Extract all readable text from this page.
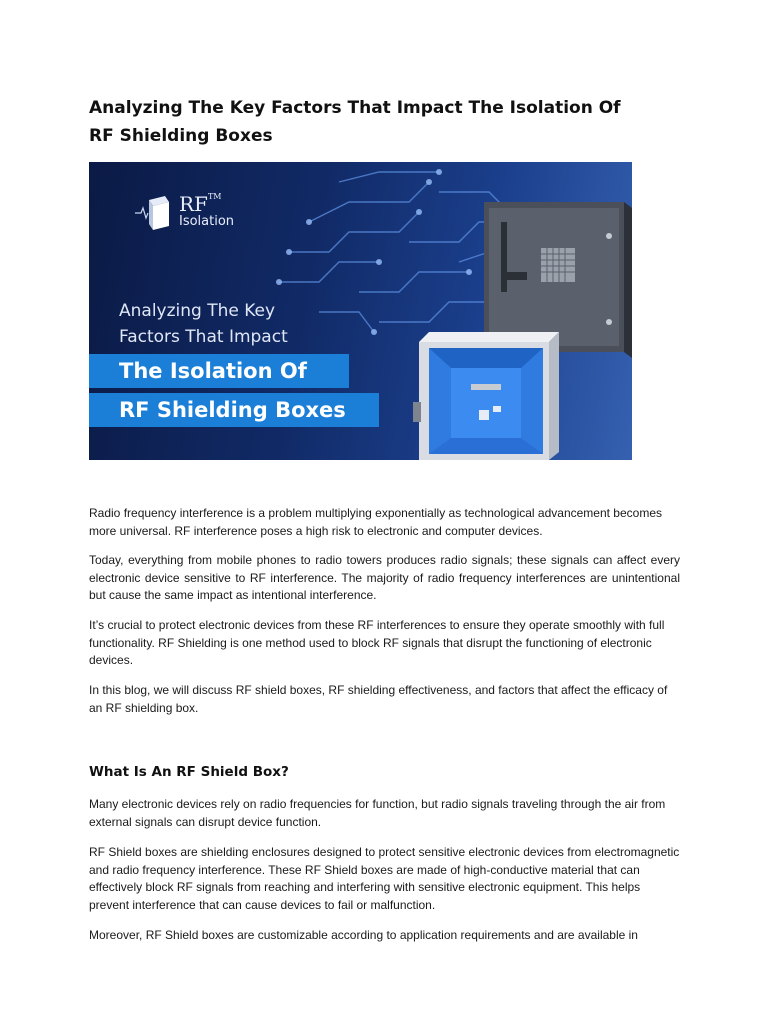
Analyzing The Key Factors That Impact The Isolation Of RF Shielding Boxes
RF™
Isolation
Analyzing The Key
Factors That Impact
The Isolation Of
RF Shielding Boxes

Radio frequency interference is a problem multiplying exponentially as technological advancement becomes more universal. RF interference poses a high risk to electronic and computer devices.

Today, everything from mobile phones to radio towers produces radio signals; these signals can affect every electronic device sensitive to RF interference. The majority of radio frequency interferences are unintentional but cause the same impact as intentional interference.

It’s crucial to protect electronic devices from these RF interferences to ensure they operate smoothly with full functionality. RF Shielding is one method used to block RF signals that disrupt the functioning of electronic devices.

In this blog, we will discuss RF shield boxes, RF shielding effectiveness, and factors that affect the efficacy of an RF shielding box.

What Is An RF Shield Box?

Many electronic devices rely on radio frequencies for function, but radio signals traveling through the air from external signals can disrupt device function.

RF Shield boxes are shielding enclosures designed to protect sensitive electronic devices from electromagnetic and radio frequency interference. These RF Shield boxes are made of high-conductive material that can effectively block RF signals from reaching and interfering with sensitive electronic equipment. This helps prevent interference that can cause devices to fail or malfunction.

Moreover, RF Shield boxes are customizable according to application requirements and are available in
